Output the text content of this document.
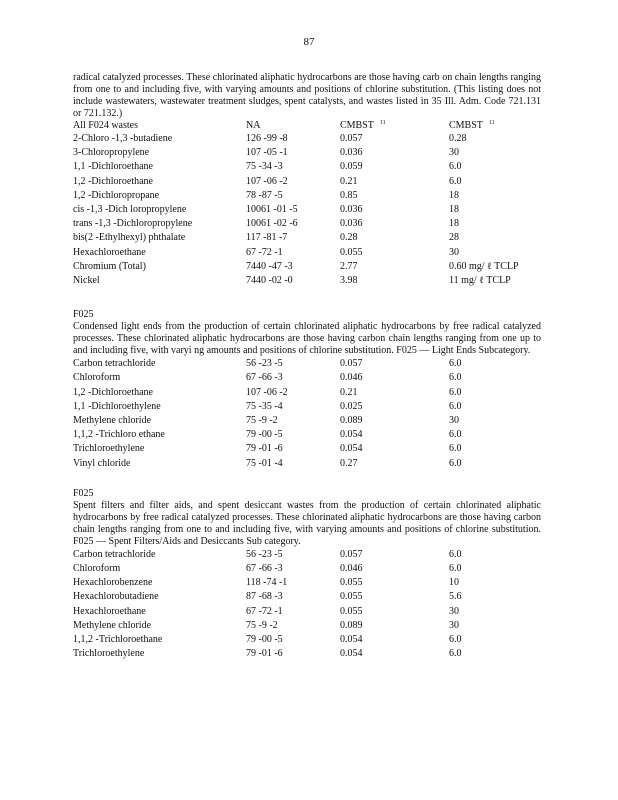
87
radical catalyzed processes. These chlorinated aliphatic hydrocarbons are those having carb on chain lengths ranging from one to and including five, with varying amounts and positions of chlorine substitution. (This listing does not include wastewaters, wastewater treatment sludges, spent catalysts, and wastes listed in 35 Ill. Adm. Code 721.131 or 721.132.)
All F024 wastes	NA	CMBST $^{11}$	CMBST $^{11}$
2-Chloro -1,3 -butadiene	126 -99 -8	0.057	0.28
3-Chloropropylene	107 -05 -1	0.036	30
1,1 -Dichloroethane	75 -34 -3	0.059	6.0
1,2 -Dichloroethane	107 -06 -2	0.21	6.0
1,2 -Dichloropropane	78 -87 -5	0.85	18
cis -1,3 -Dich loropropylene	10061 -01 -5	0.036	18
trans -1,3 -Dichloropropylene	10061 -02 -6	0.036	18
bis(2 -Ethylhexyl) phthalate	117 -81 -7	0.28	28
Hexachloroethane	67 -72 -1	0.055	30
Chromium (Total)	7440 -47 -3	2.77	0.60 mg/ ℓ TCLP
Nickel	7440 -02 -0	3.98	11 mg/ ℓ TCLP
F025
Condensed light ends from the production of certain chlorinated aliphatic hydrocarbons by free radical catalyzed processes. These chlorinated aliphatic hydrocarbons are those having carbon chain lengths ranging from one up to and including five, with varyi ng amounts and positions of chlorine substitution. F025 — Light Ends Subcategory.
Carbon tetrachloride	56 -23 -5	0.057	6.0
Chloroform	67 -66 -3	0.046	6.0
1,2 -Dichloroethane	107 -06 -2	0.21	6.0
1,1 -Dichloroethylene	75 -35 -4	0.025	6.0
Methylene chloride	75 -9 -2	0.089	30
1,1,2 -Trichloro ethane	79 -00 -5	0.054	6.0
Trichloroethylene	79 -01 -6	0.054	6.0
Vinyl chloride	75 -01 -4	0.27	6.0
F025
Spent filters and filter aids, and spent desiccant wastes from the production of certain chlorinated aliphatic hydrocarbons by free radical catalyzed processes. These chlorinated aliphatic hydrocarbons are those having carbon chain lengths ranging from one to and including five, with varying amounts and positions of chlorine substitution. F025 — Spent Filters/Aids and Desiccants Sub category.
Carbon tetrachloride	56 -23 -5	0.057	6.0
Chloroform	67 -66 -3	0.046	6.0
Hexachlorobenzene	118 -74 -1	0.055	10
Hexachlorobutadiene	87 -68 -3	0.055	5.6
Hexachloroethane	67 -72 -1	0.055	30
Methylene chloride	75 -9 -2	0.089	30
1,1,2 -Trichloroethane	79 -00 -5	0.054	6.0
Trichloroethylene	79 -01 -6	0.054	6.0
